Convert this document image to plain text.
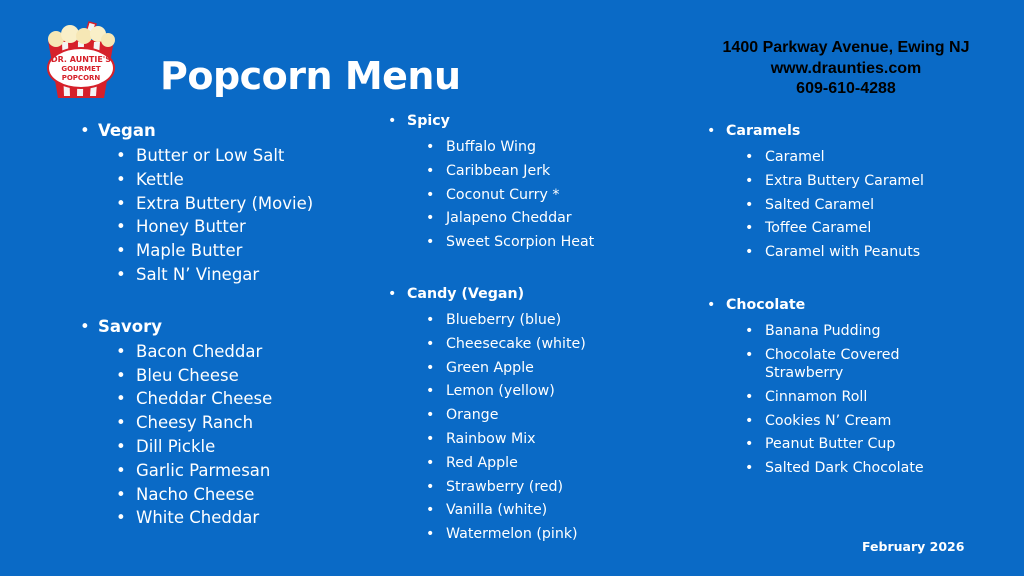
DR. AUNTIE'S
GOURMET
POPCORN Popcorn Menu
1400 Parkway Avenue, Ewing NJ
www.draunties.com
609-610-4288
• Vegan
• Butter or Low Salt
• Kettle
• Extra Buttery (Movie)
• Honey Butter
• Maple Butter
• Salt N’ Vinegar
• Savory
• Bacon Cheddar
• Bleu Cheese
• Cheddar Cheese
• Cheesy Ranch
• Dill Pickle
• Garlic Parmesan
• Nacho Cheese
• White Cheddar
• Spicy
• Buffalo Wing
• Caribbean Jerk
• Coconut Curry *
• Jalapeno Cheddar
• Sweet Scorpion Heat
• Candy (Vegan)
• Blueberry (blue)
• Cheesecake (white)
• Green Apple
• Lemon (yellow)
• Orange
• Rainbow Mix
• Red Apple
• Strawberry (red)
• Vanilla (white)
• Watermelon (pink)
• Caramels
• Caramel
• Extra Buttery Caramel
• Salted Caramel
• Toffee Caramel
• Caramel with Peanuts
• Chocolate
• Banana Pudding
• Chocolate Covered Strawberry
• Cinnamon Roll
• Cookies N’ Cream
• Peanut Butter Cup
• Salted Dark Chocolate
February 2026
